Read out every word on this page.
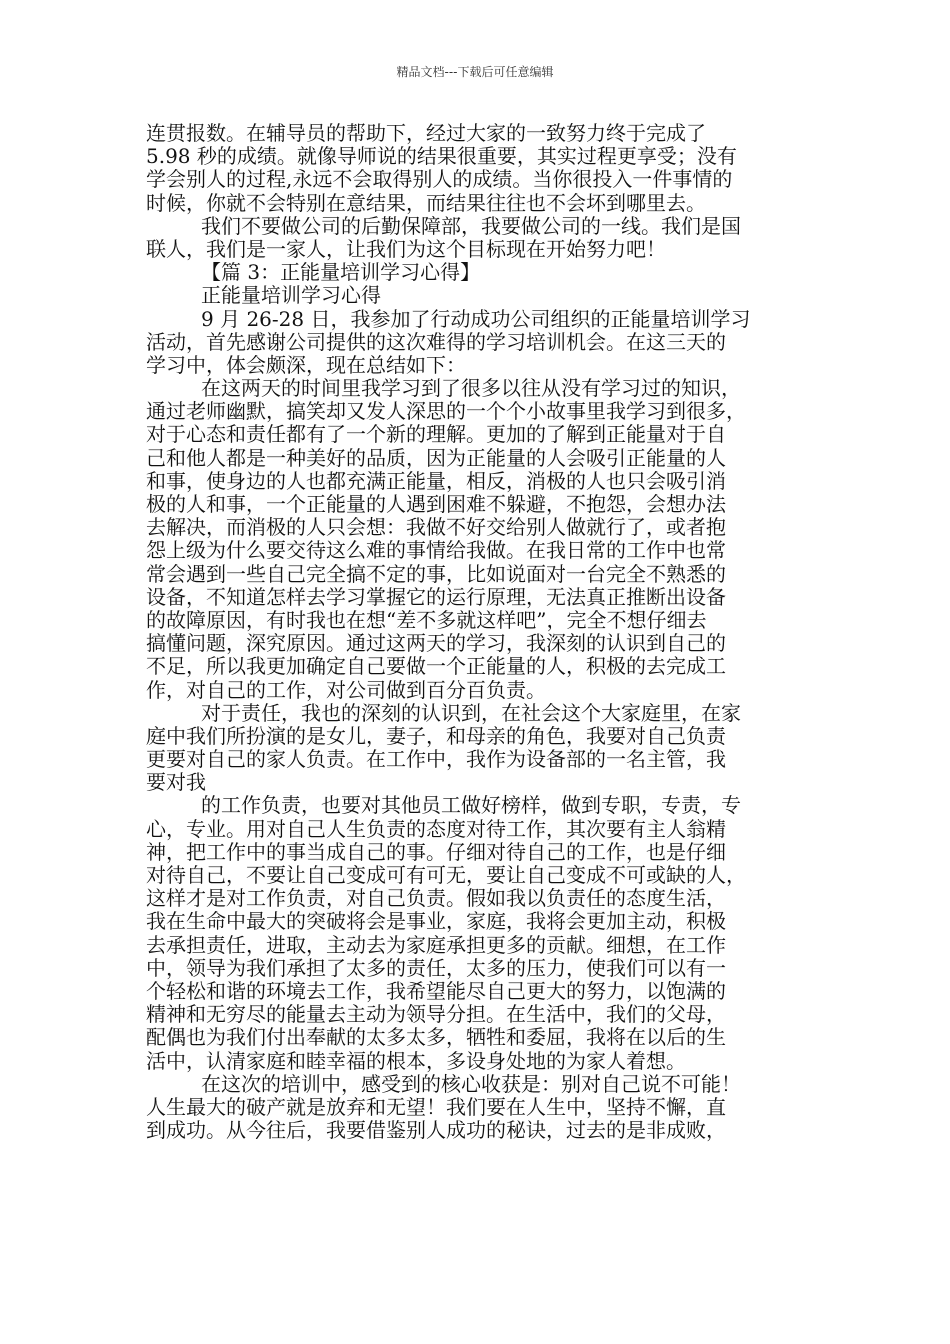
精品文档---下载后可任意编辑
连贯报数。在辅导员的帮助下，经过大家的一致努力终于完成了
5.98 秒的成绩。就像导师说的结果很重要，其实过程更享受；没有
学会别人的过程,永远不会取得别人的成绩。当你很投入一件事情的
时候，你就不会特别在意结果，而结果往往也不会坏到哪里去。
我们不要做公司的后勤保障部，我要做公司的一线。我们是国
联人，我们是一家人，让我们为这个目标现在开始努力吧！
【篇 3：正能量培训学习心得】
正能量培训学习心得
9 月 26-28 日，我参加了行动成功公司组织的正能量培训学习
活动，首先感谢公司提供的这次难得的学习培训机会。在这三天的
学习中，体会颇深，现在总结如下：
在这两天的时间里我学习到了很多以往从没有学习过的知识，
通过老师幽默，搞笑却又发人深思的一个个小故事里我学习到很多，
对于心态和责任都有了一个新的理解。更加的了解到正能量对于自
己和他人都是一种美好的品质，因为正能量的人会吸引正能量的人
和事，使身边的人也都充满正能量，相反，消极的人也只会吸引消
极的人和事，一个正能量的人遇到困难不躲避，不抱怨，会想办法
去解决，而消极的人只会想：我做不好交给别人做就行了，或者抱
怨上级为什么要交待这么难的事情给我做。在我日常的工作中也常
常会遇到一些自己完全搞不定的事，比如说面对一台完全不熟悉的
设备，不知道怎样去学习掌握它的运行原理，无法真正推断出设备
的故障原因，有时我也在想“差不多就这样吧”，完全不想仔细去
搞懂问题，深究原因。通过这两天的学习，我深刻的认识到自己的
不足，所以我更加确定自己要做一个正能量的人，积极的去完成工
作，对自己的工作，对公司做到百分百负责。
对于责任，我也的深刻的认识到，在社会这个大家庭里，在家
庭中我们所扮演的是女儿，妻子，和母亲的角色，我要对自己负责
更要对自己的家人负责。在工作中，我作为设备部的一名主管，我
要对我
的工作负责，也要对其他员工做好榜样，做到专职，专责，专
心，专业。用对自己人生负责的态度对待工作，其次要有主人翁精
神，把工作中的事当成自己的事。仔细对待自己的工作，也是仔细
对待自己，不要让自己变成可有可无，要让自己变成不可或缺的人，
这样才是对工作负责，对自己负责。假如我以负责任的态度生活，
我在生命中最大的突破将会是事业，家庭，我将会更加主动，积极
去承担责任，进取，主动去为家庭承担更多的贡献。细想，在工作
中，领导为我们承担了太多的责任，太多的压力，使我们可以有一
个轻松和谐的环境去工作，我希望能尽自己更大的努力，以饱满的
精神和无穷尽的能量去主动为领导分担。在生活中，我们的父母，
配偶也为我们付出奉献的太多太多，牺牲和委屈，我将在以后的生
活中，认清家庭和睦幸福的根本，多设身处地的为家人着想。
在这次的培训中，感受到的核心收获是：别对自己说不可能！
人生最大的破产就是放弃和无望！我们要在人生中，坚持不懈，直
到成功。从今往后，我要借鉴别人成功的秘诀，过去的是非成败，
